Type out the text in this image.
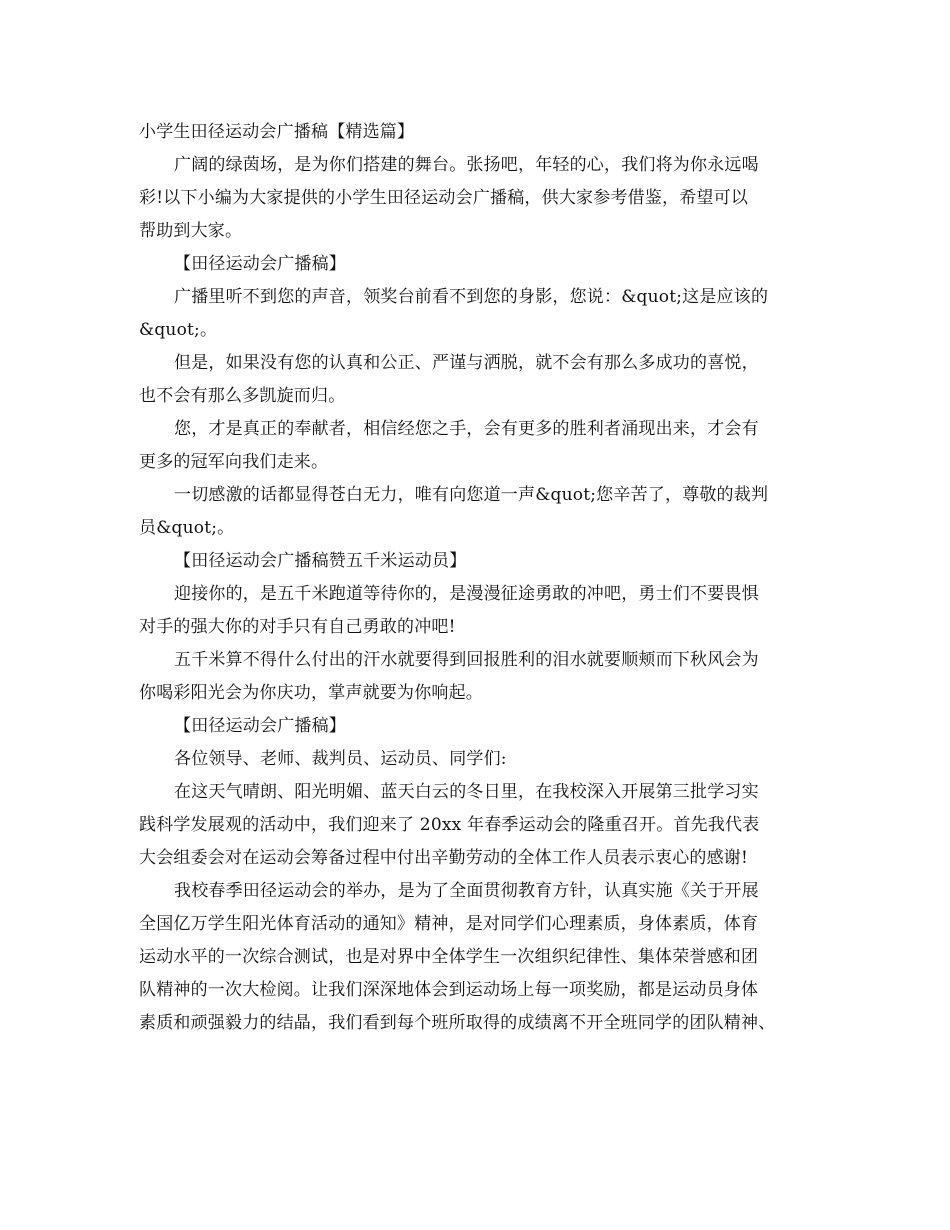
小学生田径运动会广播稿【精选篇】
广阔的绿茵场，是为你们搭建的舞台。张扬吧，年轻的心，我们将为你永远喝
彩!以下小编为大家提供的小学生田径运动会广播稿，供大家参考借鉴，希望可以
帮助到大家。
【田径运动会广播稿】
广播里听不到您的声音，领奖台前看不到您的身影，您说：&quot;这是应该的
&quot;。
但是，如果没有您的认真和公正、严谨与洒脱，就不会有那么多成功的喜悦，
也不会有那么多凯旋而归。
您，才是真正的奉献者，相信经您之手，会有更多的胜利者涌现出来，才会有
更多的冠军向我们走来。
一切感激的话都显得苍白无力，唯有向您道一声&quot;您辛苦了，尊敬的裁判
员&quot;。
【田径运动会广播稿赞五千米运动员】
迎接你的，是五千米跑道等待你的，是漫漫征途勇敢的冲吧，勇士们不要畏惧
对手的强大你的对手只有自己勇敢的冲吧!
五千米算不得什么付出的汗水就要得到回报胜利的泪水就要顺颊而下秋风会为
你喝彩阳光会为你庆功，掌声就要为你响起。
【田径运动会广播稿】
各位领导、老师、裁判员、运动员、同学们:
在这天气晴朗、阳光明媚、蓝天白云的冬日里，在我校深入开展第三批学习实
践科学发展观的活动中，我们迎来了 20xx 年春季运动会的隆重召开。首先我代表
大会组委会对在运动会筹备过程中付出辛勤劳动的全体工作人员表示衷心的感谢!
我校春季田径运动会的举办，是为了全面贯彻教育方针，认真实施《关于开展
全国亿万学生阳光体育活动的通知》精神，是对同学们心理素质，身体素质，体育
运动水平的一次综合测试，也是对界中全体学生一次组织纪律性、集体荣誉感和团
队精神的一次大检阅。让我们深深地体会到运动场上每一项奖励，都是运动员身体
素质和顽强毅力的结晶，我们看到每个班所取得的成绩离不开全班同学的团队精神、
